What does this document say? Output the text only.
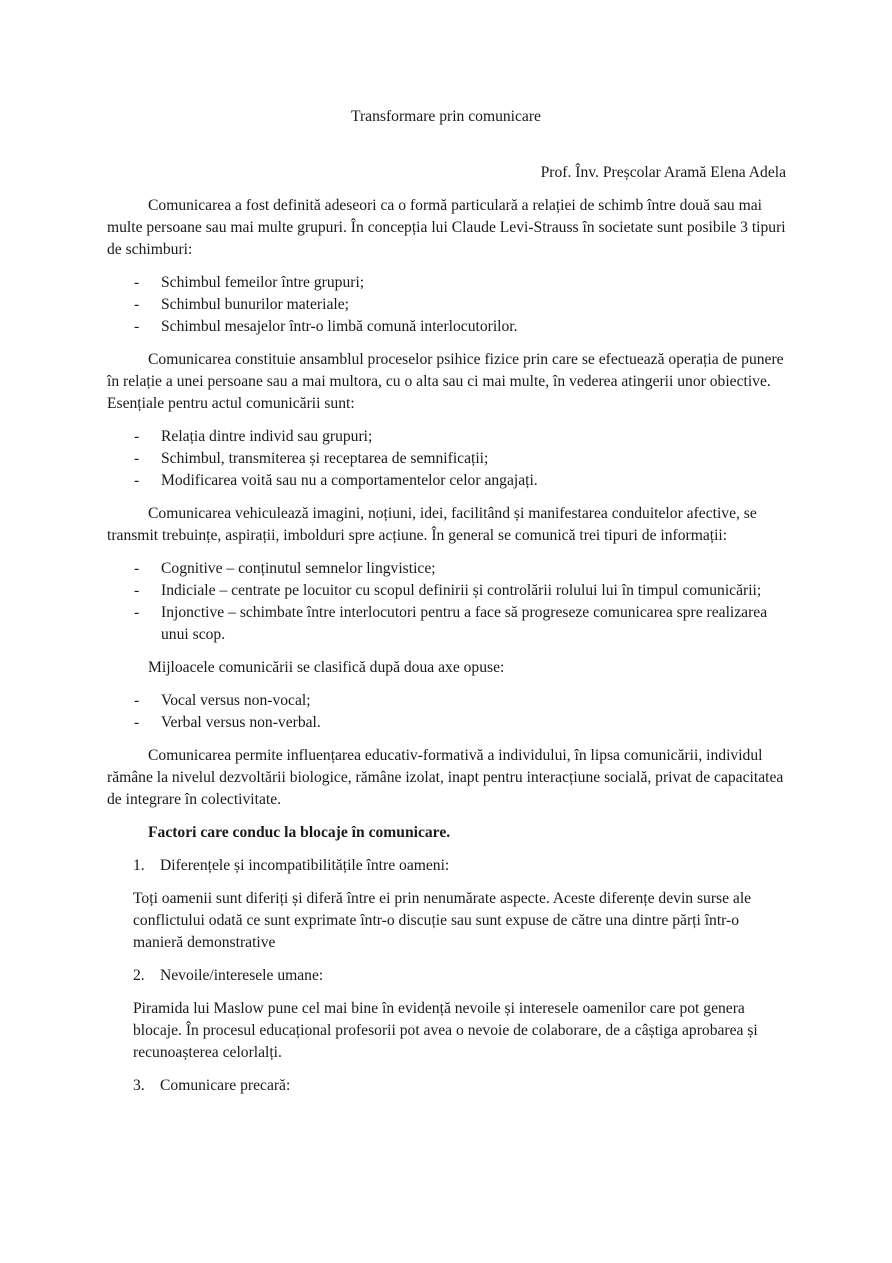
Transformare prin comunicare
Prof. Înv. Preșcolar Aramă Elena Adela

Comunicarea a fost definită adeseori ca o formă particulară a relației de schimb între două sau mai multe persoane sau mai multe grupuri. În concepția lui Claude Levi-Strauss în societate sunt posibile 3 tipuri de schimburi:

- Schimbul femeilor între grupuri;
- Schimbul bunurilor materiale;
- Schimbul mesajelor într-o limbă comună interlocutorilor.

Comunicarea constituie ansamblul proceselor psihice fizice prin care se efectuează operația de punere în relație a unei persoane sau a mai multora, cu o alta sau ci mai multe, în vederea atingerii unor obiective. Esențiale pentru actul comunicării sunt:

- Relația dintre individ sau grupuri;
- Schimbul, transmiterea și receptarea de semnificații;
- Modificarea voită sau nu a comportamentelor celor angajați.

Comunicarea vehiculează imagini, noțiuni, idei, facilitând și manifestarea conduitelor afective, se transmit trebuințe, aspirații, imbolduri spre acțiune. În general se comunică trei tipuri de informații:

- Cognitive – conținutul semnelor lingvistice;
- Indiciale – centrate pe locuitor cu scopul definirii și controlării rolului lui în timpul comunicării;
- Injonctive – schimbate între interlocutori pentru a face să progreseze comunicarea spre realizarea unui scop.

Mijloacele comunicării se clasifică după doua axe opuse:

- Vocal versus non-vocal;
- Verbal versus non-verbal.

Comunicarea permite influențarea educativ-formativă a individului, în lipsa comunicării, individul rămâne la nivelul dezvoltării biologice, rămâne izolat, inapt pentru interacțiune socială, privat de capacitatea de integrare în colectivitate.

Factori care conduc la blocaje în comunicare.

1. Diferențele și incompatibilitățile între oameni:

Toți oamenii sunt diferiți și diferă între ei prin nenumărate aspecte. Aceste diferențe devin surse ale conflictului odată ce sunt exprimate într-o discuție sau sunt expuse de către una dintre părți într-o manieră demonstrative

2. Nevoile/interesele umane:

Piramida lui Maslow pune cel mai bine în evidență nevoile și interesele oamenilor care pot genera blocaje. În procesul educațional profesorii pot avea o nevoie de colaborare, de a câștiga aprobarea și recunoașterea celorlalți.

3. Comunicare precară:
